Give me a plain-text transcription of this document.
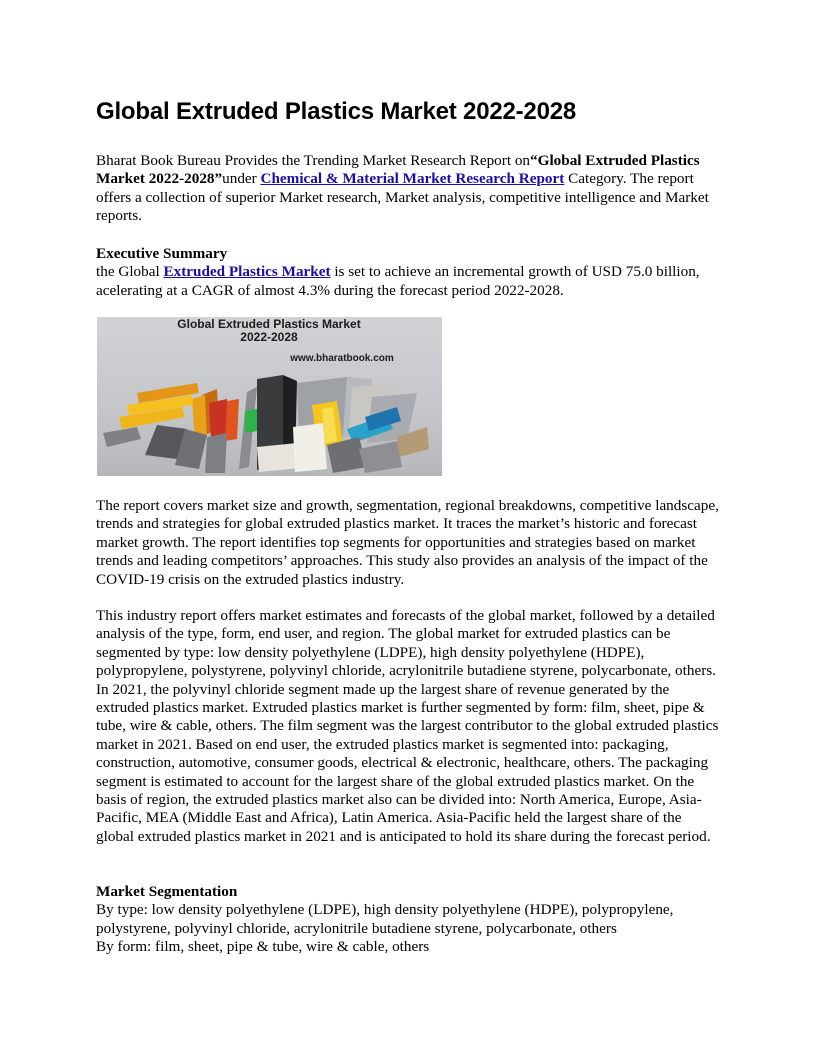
Global Extruded Plastics Market 2022-2028

Bharat Book Bureau Provides the Trending Market Research Report on“Global Extruded Plastics Market 2022-2028”under Chemical & Material Market Research Report Category. The report offers a collection of superior Market research, Market analysis, competitive intelligence and Market reports.

Executive Summary

the Global Extruded Plastics Market is set to achieve an incremental growth of USD 75.0 billion, acelerating at a CAGR of almost 4.3% during the forecast period 2022-2028.

Global Extruded Plastics Market
2022-2028
www.bharatbook.com

The report covers market size and growth, segmentation, regional breakdowns, competitive landscape, trends and strategies for global extruded plastics market. It traces the market’s historic and forecast market growth. The report identifies top segments for opportunities and strategies based on market trends and leading competitors’ approaches. This study also provides an analysis of the impact of the COVID-19 crisis on the extruded plastics industry.

This industry report offers market estimates and forecasts of the global market, followed by a detailed analysis of the type, form, end user, and region. The global market for extruded plastics can be segmented by type: low density polyethylene (LDPE), high density polyethylene (HDPE), polypropylene, polystyrene, polyvinyl chloride, acrylonitrile butadiene styrene, polycarbonate, others. In 2021, the polyvinyl chloride segment made up the largest share of revenue generated by the extruded plastics market. Extruded plastics market is further segmented by form: film, sheet, pipe & tube, wire & cable, others. The film segment was the largest contributor to the global extruded plastics market in 2021. Based on end user, the extruded plastics market is segmented into: packaging, construction, automotive, consumer goods, electrical & electronic, healthcare, others. The packaging segment is estimated to account for the largest share of the global extruded plastics market. On the basis of region, the extruded plastics market also can be divided into: North America, Europe, Asia-Pacific, MEA (Middle East and Africa), Latin America. Asia-Pacific held the largest share of the global extruded plastics market in 2021 and is anticipated to hold its share during the forecast period.

Market Segmentation

By type: low density polyethylene (LDPE), high density polyethylene (HDPE), polypropylene, polystyrene, polyvinyl chloride, acrylonitrile butadiene styrene, polycarbonate, others

By form: film, sheet, pipe & tube, wire & cable, others
